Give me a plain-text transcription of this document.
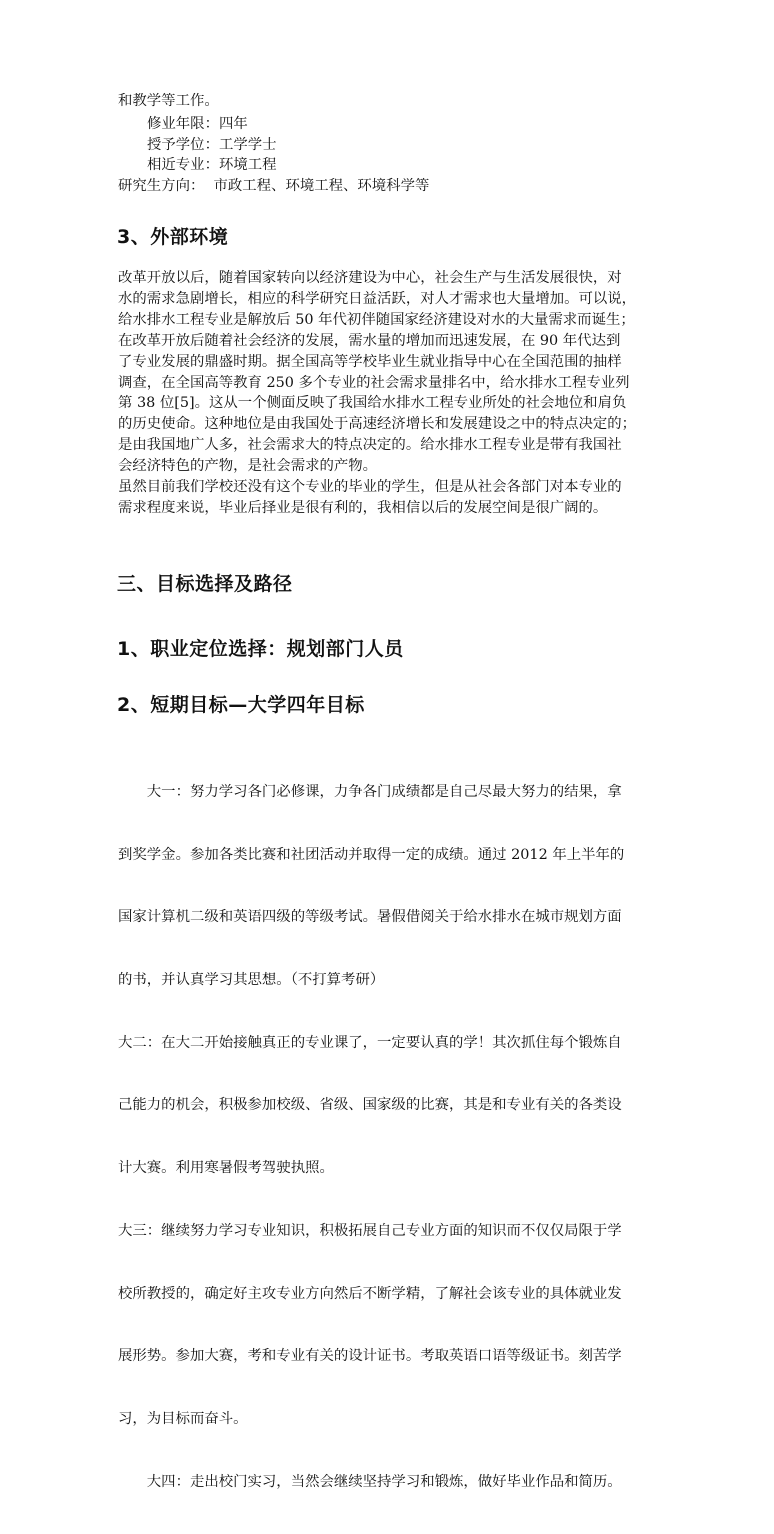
和教学等工作。
修业年限：四年
授予学位：工学学士
相近专业：环境工程
研究生方向：  市政工程、环境工程、环境科学等
3、外部环境
改革开放以后，随着国家转向以经济建设为中心，社会生产与生活发展很快，对
水的需求急剧增长，相应的科学研究日益活跃，对人才需求也大量增加。可以说，
给水排水工程专业是解放后 50 年代初伴随国家经济建设对水的大量需求而诞生；
在改革开放后随着社会经济的发展，需水量的增加而迅速发展，在 90 年代达到
了专业发展的鼎盛时期。据全国高等学校毕业生就业指导中心在全国范围的抽样
调查，在全国高等教育 250 多个专业的社会需求量排名中，给水排水工程专业列
第 38 位[5]。这从一个侧面反映了我国给水排水工程专业所处的社会地位和肩负
的历史使命。这种地位是由我国处于高速经济增长和发展建设之中的特点决定的；
是由我国地广人多，社会需求大的特点决定的。给水排水工程专业是带有我国社
会经济特色的产物，是社会需求的产物。
虽然目前我们学校还没有这个专业的毕业的学生，但是从社会各部门对本专业的
需求程度来说，毕业后择业是很有利的，我相信以后的发展空间是很广阔的。
三、目标选择及路径
1、职业定位选择：规划部门人员
2、短期目标—大学四年目标

　　大一：努力学习各门必修课，力争各门成绩都是自己尽最大努力的结果，拿

到奖学金。参加各类比赛和社团活动并取得一定的成绩。通过 2012 年上半年的

国家计算机二级和英语四级的等级考试。暑假借阅关于给水排水在城市规划方面

的书，并认真学习其思想。（不打算考研）

大二：在大二开始接触真正的专业课了，一定要认真的学！其次抓住每个锻炼自

己能力的机会，积极参加校级、省级、国家级的比赛，其是和专业有关的各类设

计大赛。利用寒暑假考驾驶执照。

大三：继续努力学习专业知识，积极拓展自己专业方面的知识而不仅仅局限于学

校所教授的，确定好主攻专业方向然后不断学精，了解社会该专业的具体就业发

展形势。参加大赛，考和专业有关的设计证书。考取英语口语等级证书。刻苦学

习，为目标而奋斗。

　　大四：走出校门实习，当然会继续坚持学习和锻炼，做好毕业作品和简历。
